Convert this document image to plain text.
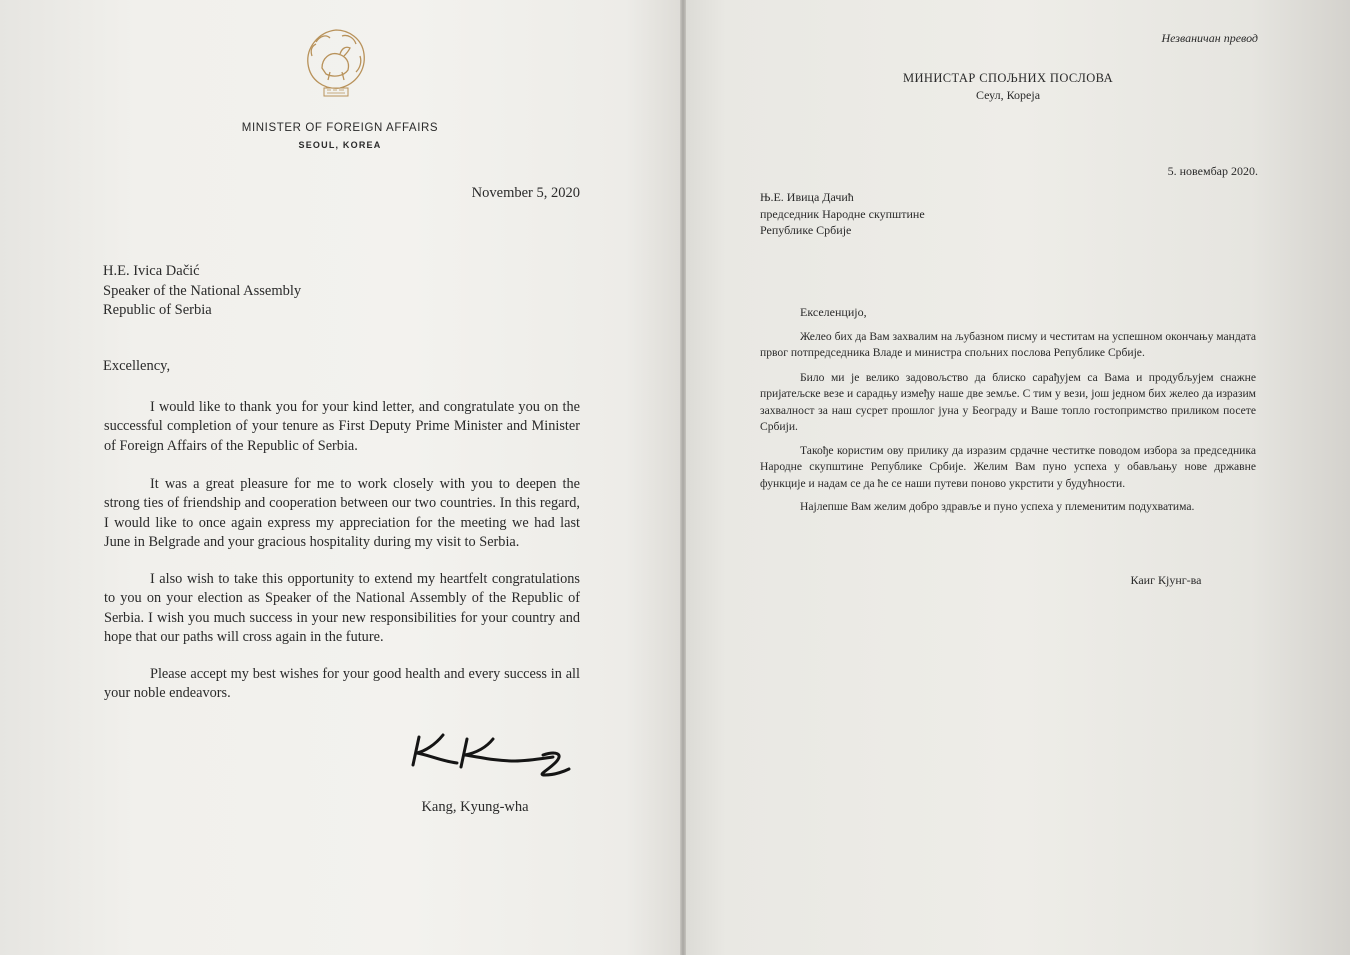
MINISTER OF FOREIGN AFFAIRS
SEOUL, KOREA
November 5, 2020
H.E. Ivica Dačić
Speaker of the National Assembly
Republic of Serbia
Excellency,
I would like to thank you for your kind letter, and congratulate you on the successful completion of your tenure as First Deputy Prime Minister and Minister of Foreign Affairs of the Republic of Serbia.
It was a great pleasure for me to work closely with you to deepen the strong ties of friendship and cooperation between our two countries. In this regard, I would like to once again express my appreciation for the meeting we had last June in Belgrade and your gracious hospitality during my visit to Serbia.
I also wish to take this opportunity to extend my heartfelt congratulations to you on your election as Speaker of the National Assembly of the Republic of Serbia. I wish you much success in your new responsibilities for your country and hope that our paths will cross again in the future.
Please accept my best wishes for your good health and every success in all your noble endeavors.
Kang, Kyung-wha
Незваничан превод
МИНИСТАР СПОЉНИХ ПОСЛОВА
Сеул, Кореја
5. новембар 2020.
Њ.Е. Ивица Дачић
председник Народне скупштине
Републике Србије
Екселенцијо,
Желео бих да Вам захвалим на љубазном писму и честитам на успешном окончању мандата првог потпредседника Владе и министра спољних послова Републике Србије.
Било ми је велико задовољство да блиско сарађујем са Вама и продубљујем снажне пријатељске везе и сарадњу између наше две земље. С тим у вези, још једном бих желео да изразим захвалност за наш сусрет прошлог јуна у Београду и Ваше топло гостопримство приликом посете Србији.
Такође користим ову прилику да изразим срдачне честитке поводом избора за председника Народне скупштине Републике Србије. Желим Вам пуно успеха у обављању нове државне функције и надам се да ће се наши путеви поново укрстити у будућности.
Најлепше Вам желим добро здравље и пуно успеха у племенитим подухватима.
Каиг Кјунг-ва
